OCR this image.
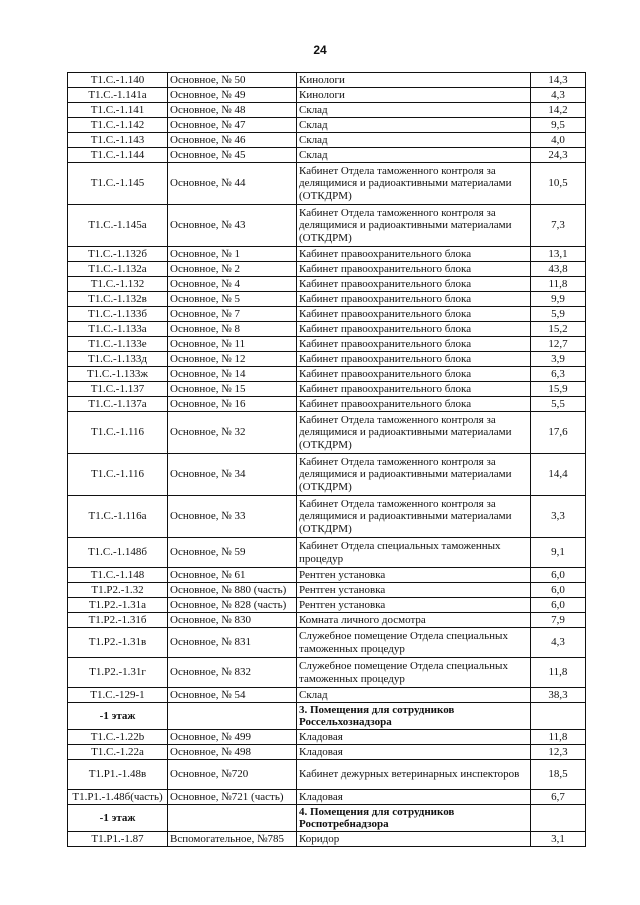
24
Т1.С.-1.140	Основное, № 50	Кинологи	14,3
Т1.С.-1.141а	Основное, № 49	Кинологи	4,3
Т1.С.-1.141	Основное, № 48	Склад	14,2
Т1.С.-1.142	Основное, № 47	Склад	9,5
Т1.С.-1.143	Основное, № 46	Склад	4,0
Т1.С.-1.144	Основное, № 45	Склад	24,3
Т1.С.-1.145	Основное, № 44	Кабинет Отдела таможенного контроля за делящимися и радиоактивными материалами (ОТКДРМ)	10,5
Т1.С.-1.145а	Основное, № 43	Кабинет Отдела таможенного контроля за делящимися и радиоактивными материалами (ОТКДРМ)	7,3
Т1.С.-1.132б	Основное, № 1	Кабинет правоохранительного блока	13,1
Т1.С.-1.132а	Основное, № 2	Кабинет правоохранительного блока	43,8
Т1.С.-1.132	Основное, № 4	Кабинет правоохранительного блока	11,8
Т1.С.-1.132в	Основное, № 5	Кабинет правоохранительного блока	9,9
Т1.С.-1.133б	Основное, № 7	Кабинет правоохранительного блока	5,9
Т1.С.-1.133а	Основное, № 8	Кабинет правоохранительного блока	15,2
Т1.С.-1.133е	Основное, № 11	Кабинет правоохранительного блока	12,7
Т1.С.-1.133д	Основное, № 12	Кабинет правоохранительного блока	3,9
Т1.С.-1.133ж	Основное, № 14	Кабинет правоохранительного блока	6,3
Т1.С.-1.137	Основное, № 15	Кабинет правоохранительного блока	15,9
Т1.С.-1.137а	Основное, № 16	Кабинет правоохранительного блока	5,5
Т1.С.-1.116	Основное, № 32	Кабинет Отдела таможенного контроля за делящимися и радиоактивными материалами (ОТКДРМ)	17,6
Т1.С.-1.116	Основное, № 34	Кабинет Отдела таможенного контроля за делящимися и радиоактивными материалами (ОТКДРМ)	14,4
Т1.С.-1.116а	Основное, № 33	Кабинет Отдела таможенного контроля за делящимися и радиоактивными материалами (ОТКДРМ)	3,3
Т1.С.-1.148б	Основное, № 59	Кабинет Отдела специальных таможенных процедур	9,1
Т1.С.-1.148	Основное, № 61	Рентген установка	6,0
Т1.Р2.-1.32	Основное, № 880 (часть)	Рентген установка	6,0
Т1.Р2.-1.31а	Основное, № 828 (часть)	Рентген установка	6,0
Т1.Р2.-1.31б	Основное, № 830	Комната личного досмотра	7,9
Т1.Р2.-1.31в	Основное, № 831	Служебное помещение Отдела специальных таможенных процедур	4,3
Т1.Р2.-1.31г	Основное, № 832	Служебное помещение Отдела специальных таможенных процедур	11,8
Т1.С.-129-1	Основное, № 54	Склад	38,3
-1 этаж		3. Помещения для сотрудников Россельхознадзора	
Т1.С.-1.22b	Основное, № 499	Кладовая	11,8
Т1.С.-1.22а	Основное, № 498	Кладовая	12,3
Т1.Р1.-1.48в	Основное, №720	Кабинет дежурных ветеринарных инспекторов	18,5
Т1.Р1.-1.48б(часть)	Основное, №721 (часть)	Кладовая	6,7
-1 этаж		4. Помещения для сотрудников Роспотребнадзора	
Т1.Р1.-1.87	Вспомогательное, №785	Коридор	3,1
